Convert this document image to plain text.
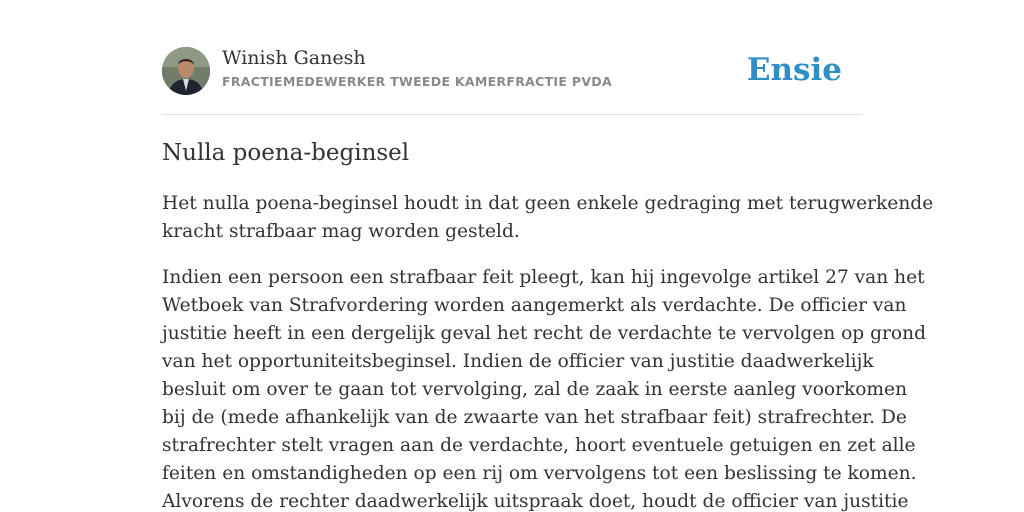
Winish Ganesh
FRACTIEMEDEWERKER TWEEDE KAMERFRACTIE PVDA	Ensie
Nulla poena-beginsel

Het nulla poena-beginsel houdt in dat geen enkele gedraging met terugwerkende
kracht strafbaar mag worden gesteld.

Indien een persoon een strafbaar feit pleegt, kan hij ingevolge artikel 27 van het
Wetboek van Strafvordering worden aangemerkt als verdachte. De officier van
justitie heeft in een dergelijk geval het recht de verdachte te vervolgen op grond
van het opportuniteitsbeginsel. Indien de officier van justitie daadwerkelijk
besluit om over te gaan tot vervolging, zal de zaak in eerste aanleg voorkomen
bij de (mede afhankelijk van de zwaarte van het strafbaar feit) strafrechter. De
strafrechter stelt vragen aan de verdachte, hoort eventuele getuigen en zet alle
feiten en omstandigheden op een rij om vervolgens tot een beslissing te komen.
Alvorens de rechter daadwerkelijk uitspraak doet, houdt de officier van justitie
